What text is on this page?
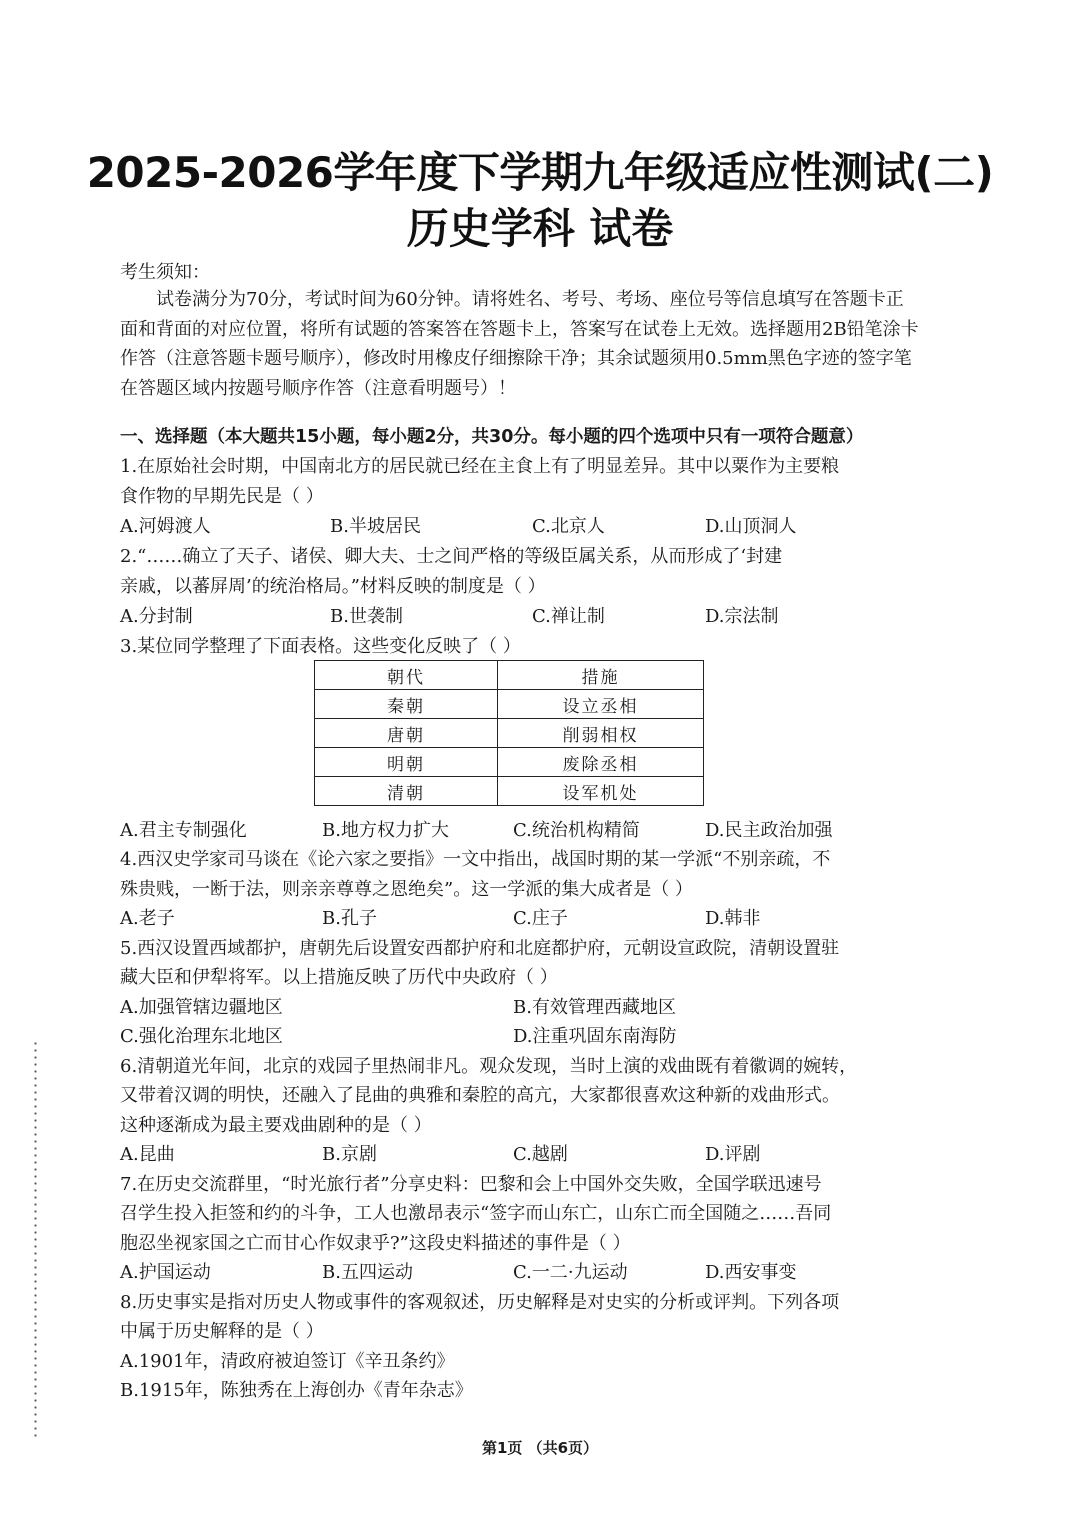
2025-2026学年度下学期九年级适应性测试(二)
历史学科 试卷
考生须知：
试卷满分为70分，考试时间为60分钟。请将姓名、考号、考场、座位号等信息填写在答题卡正面和背面的对应位置，将所有试题的答案答在答题卡上，答案写在试卷上无效。选择题用2B铅笔涂卡作答（注意答题卡题号顺序），修改时用橡皮仔细擦除干净；其余试题须用0.5mm黑色字迹的签字笔在答题区域内按题号顺序作答（注意看明题号）！
一、选择题（本大题共15小题，每小题2分，共30分。每小题的四个选项中只有一项符合题意）
1.在原始社会时期，中国南北方的居民就已经在主食上有了明显差异。其中以粟作为主要粮
食作物的早期先民是（ ）
A.河姆渡人	B.半坡居民	C.北京人	D.山顶洞人
2.“……确立了天子、诸侯、卿大夫、士之间严格的等级臣属关系，从而形成了‘封建
亲戚，以蕃屏周’的统治格局。”材料反映的制度是（ ）
A.分封制	B.世袭制	C.禅让制	D.宗法制
3.某位同学整理了下面表格。这些变化反映了（ ）
朝代	措施
秦朝	设立丞相
唐朝	削弱相权
明朝	废除丞相
清朝	设军机处
A.君主专制强化	B.地方权力扩大	C.统治机构精简	D.民主政治加强
4.西汉史学家司马谈在《论六家之要指》一文中指出，战国时期的某一学派“不别亲疏，不
殊贵贱，一断于法，则亲亲尊尊之恩绝矣”。这一学派的集大成者是（ ）
A.老子	B.孔子	C.庄子	D.韩非
5.西汉设置西域都护，唐朝先后设置安西都护府和北庭都护府，元朝设宣政院，清朝设置驻
藏大臣和伊犁将军。以上措施反映了历代中央政府（ ）
A.加强管辖边疆地区	B.有效管理西藏地区
C.强化治理东北地区	D.注重巩固东南海防
6.清朝道光年间，北京的戏园子里热闹非凡。观众发现，当时上演的戏曲既有着徽调的婉转，
又带着汉调的明快，还融入了昆曲的典雅和秦腔的高亢，大家都很喜欢这种新的戏曲形式。
这种逐渐成为最主要戏曲剧种的是（ ）
A.昆曲	B.京剧	C.越剧	D.评剧
7.在历史交流群里，“时光旅行者”分享史料：巴黎和会上中国外交失败，全国学联迅速号
召学生投入拒签和约的斗争，工人也激昂表示“签字而山东亡，山东亡而全国随之……吾同
胞忍坐视家国之亡而甘心作奴隶乎?”这段史料描述的事件是（ ）
A.护国运动	B.五四运动	C.一二·九运动	D.西安事变
8.历史事实是指对历史人物或事件的客观叙述，历史解释是对史实的分析或评判。下列各项
中属于历史解释的是（ ）
A.1901年，清政府被迫签订《辛丑条约》
B.1915年，陈独秀在上海创办《青年杂志》
第1页 （共6页）
